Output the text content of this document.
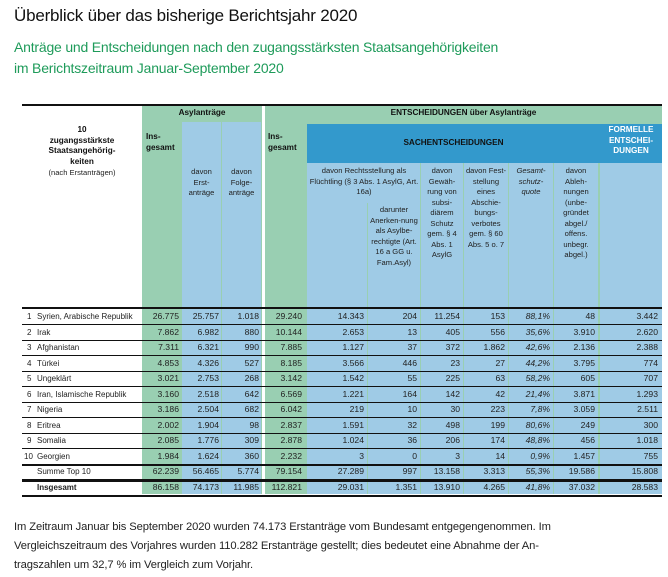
Überblick über das bisherige Berichtsjahr 2020
Anträge und Entscheidungen nach den zugangsstärksten Staatsangehörigkeiten
im Berichtszeitraum Januar-September 2020
10
zugangsstärkste
Staatsangehörig-
keiten
(nach Erstanträgen)
Asylanträge	ENTSCHEIDUNGEN über Asylanträge
SACHENTSCHEIDUNGEN
FORMELLE ENTSCHEI-DUNGEN
Ins-gesamt
davon Erst-anträge
davon Folge-anträge
Ins-gesamt
davon Rechtsstellung als Flüchtling (§ 3 Abs. 1 AsylG, Art. 16a)
darunter Anerken-nung als Asylbe-rechtigte (Art. 16 a GG u. Fam.Asyl)
davon Gewäh-rung von subsi-diärem Schutz gem. § 4 Abs. 1 AsylG
davon Fest-stellung eines Abschie-bungs-verbotes gem. § 60 Abs. 5 o. 7
Gesamt-schutz-quote
davon Ableh-nungen (unbe-gründet abgel./ offens. unbegr. abgel.)
1 Syrien, Arabische Republik 26.775 25.757 1.018 29.240	14.343	204 11.254	153 88,1%	48	3.442
2 Irak	7.862 6.982	880 10.144	2.653	13	405	556 35,6%	3.910	2.620
3 Afghanistan	7.311 6.321	990 7.885	1.127	37	372	1.862 42,6%	2.136	2.388
4 Türkei	4.853 4.326	527 8.185	3.566	446	23	27 44,2%	3.795	774
5 Ungeklärt	3.021 2.753	268 3.142	1.542	55	225	63 58,2%	605	707
6 Iran, Islamische Republik	3.160 2.518	642 6.569	1.221	164	142	42 21,4%	3.871	1.293
7 Nigeria	3.186 2.504	682 6.042	219	10	30	223	7,8%	3.059	2.511
8 Eritrea	2.002 1.904	98 2.837	1.591	32	498	199 80,6%	249	300
9 Somalia	2.085 1.776	309 2.878	1.024	36	206	174 48,8%	456	1.018
10 Georgien	1.984 1.624	360 2.232	3	0	3	14	0,9%	1.457	755
Summe Top 10	62.239 56.465 5.774 79.154	27.289	997 13.158	3.313 55,3% 19.586	15.808
Insgesamt	86.158 74.173 11.985 112.821	29.031	1.351 13.910	4.265 41,8% 37.032	28.583
Im Zeitraum Januar bis September 2020 wurden 74.173 Erstanträge vom Bundesamt entgegengenommen. Im
Vergleichszeitraum des Vorjahres wurden 110.282 Erstanträge gestellt; dies bedeutet eine Abnahme der An-
tragszahlen um 32,7 % im Vergleich zum Vorjahr.
